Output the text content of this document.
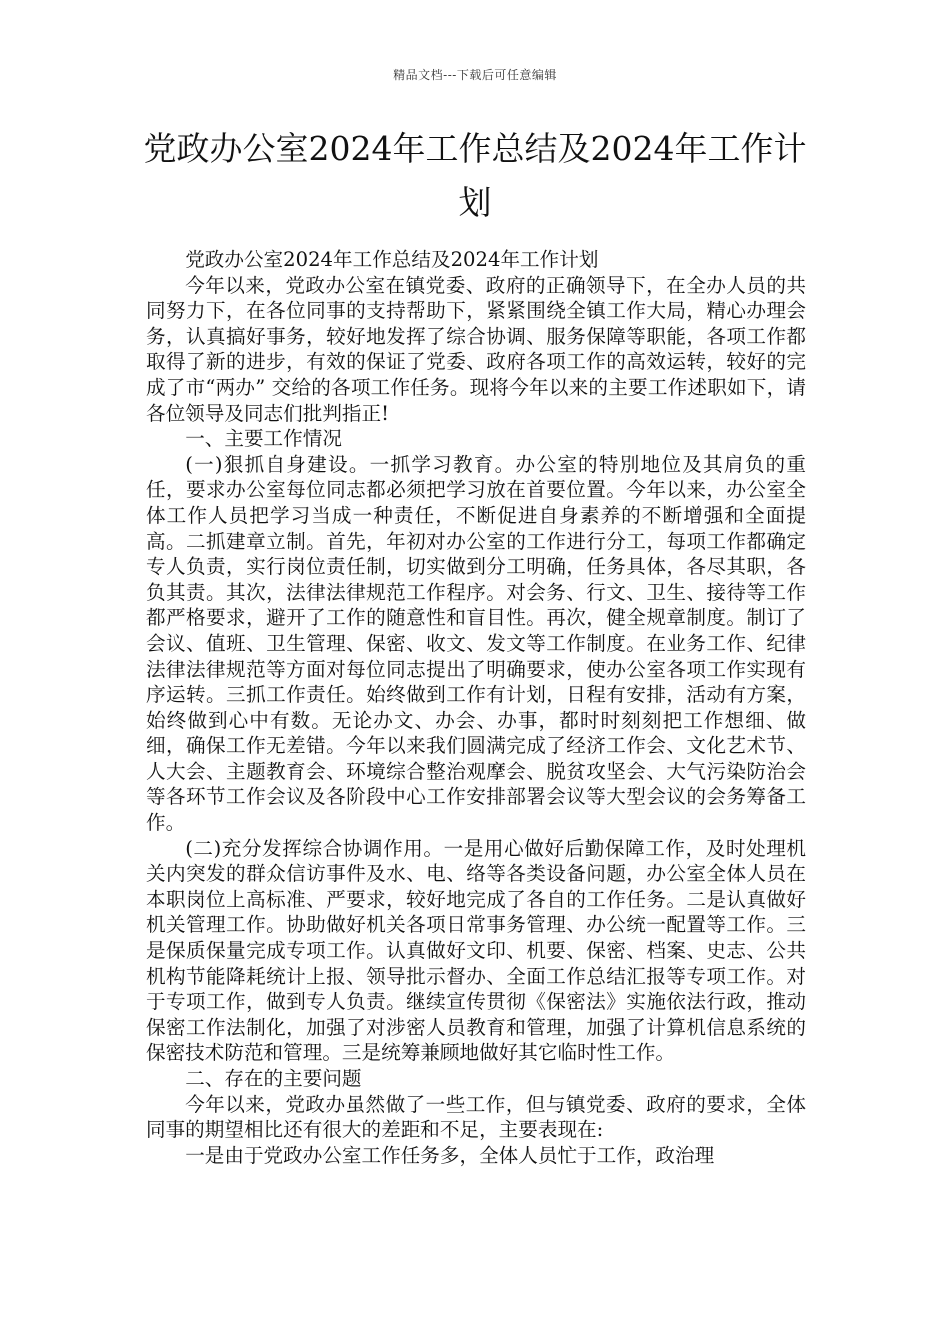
精品文档---下载后可任意编辑
党政办公室2024年工作总结及2024年工作计划

党政办公室2024年工作总结及2024年工作计划

今年以来，党政办公室在镇党委、政府的正确领导下，在全办人员的共同努力下，在各位同事的支持帮助下，紧紧围绕全镇工作大局，精心办理会务，认真搞好事务，较好地发挥了综合协调、服务保障等职能，各项工作都取得了新的进步，有效的保证了党委、政府各项工作的高效运转，较好的完成了市“两办” 交给的各项工作任务。现将今年以来的主要工作述职如下，请各位领导及同志们批判指正!

一、主要工作情况

(一)狠抓自身建设。一抓学习教育。办公室的特別地位及其肩负的重任，要求办公室每位同志都必须把学习放在首要位置。今年以来，办公室全体工作人员把学习当成一种责任，不断促进自身素养的不断增强和全面提高。二抓建章立制。首先，年初对办公室的工作进行分工，每项工作都确定专人负责，实行岗位责任制，切实做到分工明确，任务具体，各尽其职，各负其责。其次，法律法律规范工作程序。对会务、行文、卫生、接待等工作都严格要求，避开了工作的随意性和盲目性。再次，健全规章制度。制订了会议、值班、卫生管理、保密、收文、发文等工作制度。在业务工作、纪律法律法律规范等方面对每位同志提出了明确要求，使办公室各项工作实现有序运转。三抓工作责任。始终做到工作有计划，日程有安排，活动有方案，始终做到心中有数。无论办文、办会、办事，都时时刻刻把工作想细、做细，确保工作无差错。今年以来我们圆满完成了经济工作会、文化艺术节、人大会、主题教育会、环境综合整治观摩会、脱贫攻坚会、大气污染防治会等各环节工作会议及各阶段中心工作安排部署会议等大型会议的会务筹备工作。

(二)充分发挥综合协调作用。一是用心做好后勤保障工作，及时处理机关内突发的群众信访事件及水、电、络等各类设备问题，办公室全体人员在本职岗位上高标准、严要求，较好地完成了各自的工作任务。二是认真做好机关管理工作。协助做好机关各项日常事务管理、办公统一配置等工作。三是保质保量完成专项工作。认真做好文印、机要、保密、档案、史志、公共机构节能降耗统计上报、领导批示督办、全面工作总结汇报等专项工作。对于专项工作，做到专人负责。继续宣传贯彻《保密法》实施依法行政，推动保密工作法制化，加强了对涉密人员教育和管理，加强了计算机信息系统的保密技术防范和管理。三是统筹兼顾地做好其它临时性工作。

二、存在的主要问题

今年以来，党政办虽然做了一些工作，但与镇党委、政府的要求，全体同事的期望相比还有很大的差距和不足，主要表现在:

一是由于党政办公室工作任务多，全体人员忙于工作，政治理
